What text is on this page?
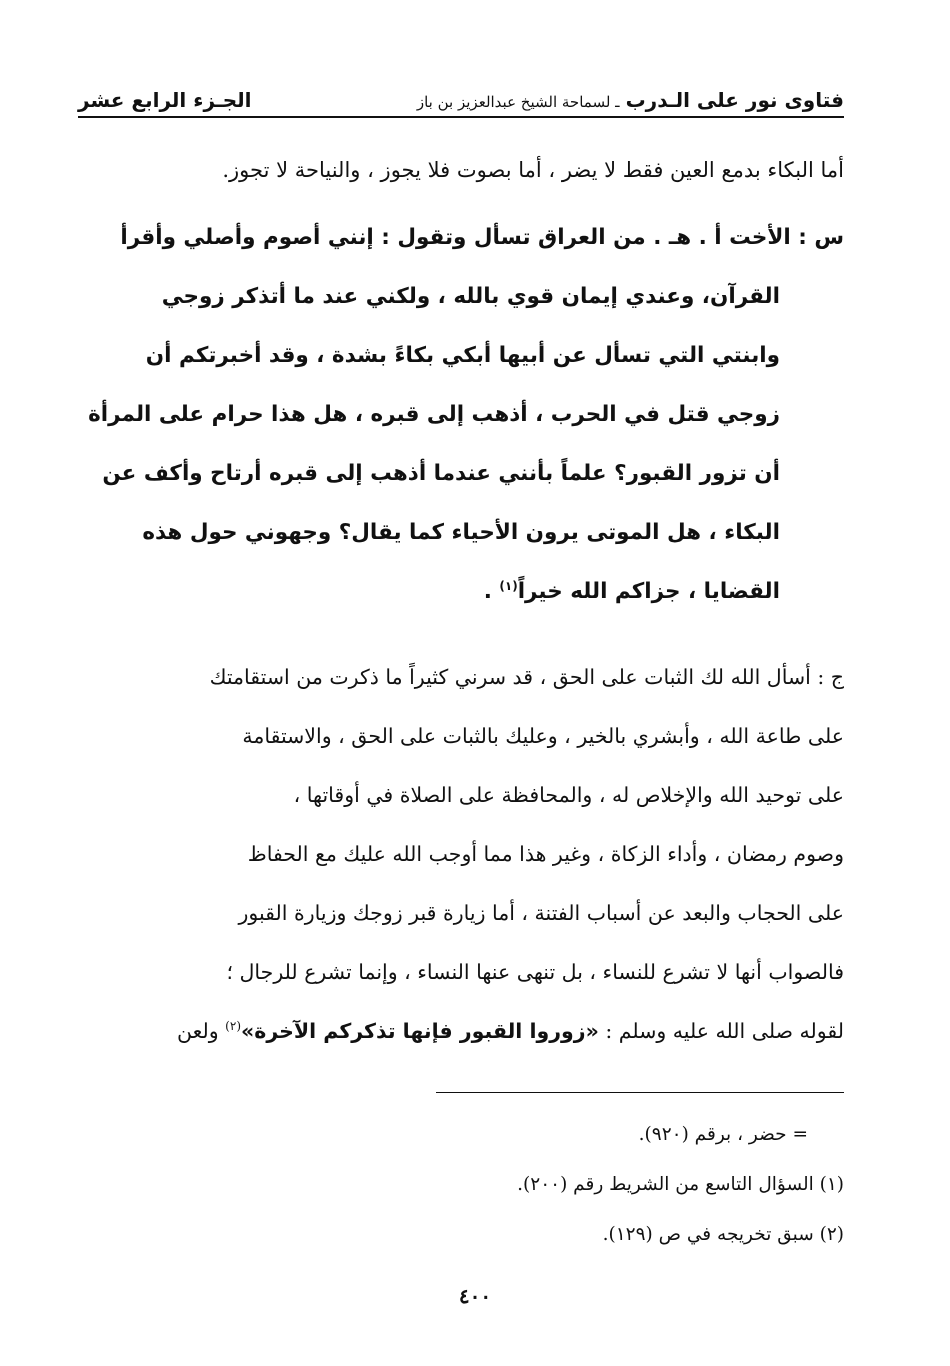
فتاوى نور على الـدرب
ـ لسماحة الشيخ عبدالعزيز بن باز
الجـزء الرابع عشر
أما البكاء بدمع العين فقط لا يضر ، أما بصوت فلا يجوز ، والنياحة لا تجوز.
س : الأخت أ . هـ . من العراق تسأل وتقول : إنني أصوم وأصلي وأقرأ
القرآن، وعندي إيمان قوي بالله ، ولكني عند ما أتذكر زوجي
وابنتي التي تسأل عن أبيها أبكي بكاءً بشدة ، وقد أخبرتكم أن
زوجي قتل في الحرب ، أذهب إلى قبره ، هل هذا حرام على المرأة
أن تزور القبور؟ علماً بأنني عندما أذهب إلى قبره أرتاح وأكف عن
البكاء ، هل الموتى يرون الأحياء كما يقال؟ وجهوني حول هذه
القضايا ، جزاكم الله خيراً$^{(١)}$ .
ج : أسأل الله لك الثبات على الحق ، قد سرني كثيراً ما ذكرت من استقامتك
على طاعة الله ، وأبشري بالخير ، وعليك بالثبات على الحق ، والاستقامة
على توحيد الله والإخلاص له ، والمحافظة على الصلاة في أوقاتها ،
وصوم رمضان ، وأداء الزكاة ، وغير هذا مما أوجب الله عليك مع الحفاظ
على الحجاب والبعد عن أسباب الفتنة ، أما زيارة قبر زوجك وزيارة القبور
فالصواب أنها لا تشرع للنساء ، بل تنهى عنها النساء ، وإنما تشرع للرجال ؛
لقوله صلى الله عليه وسلم : «زوروا القبور فإنها تذكركم الآخرة»$^{(٢)}$ ولعن
= حضر ، برقم (٩٢٠).
(١) السؤال التاسع من الشريط رقم (٢٠٠).
(٢) سبق تخريجه في ص (١٢٩).
٤٠٠
